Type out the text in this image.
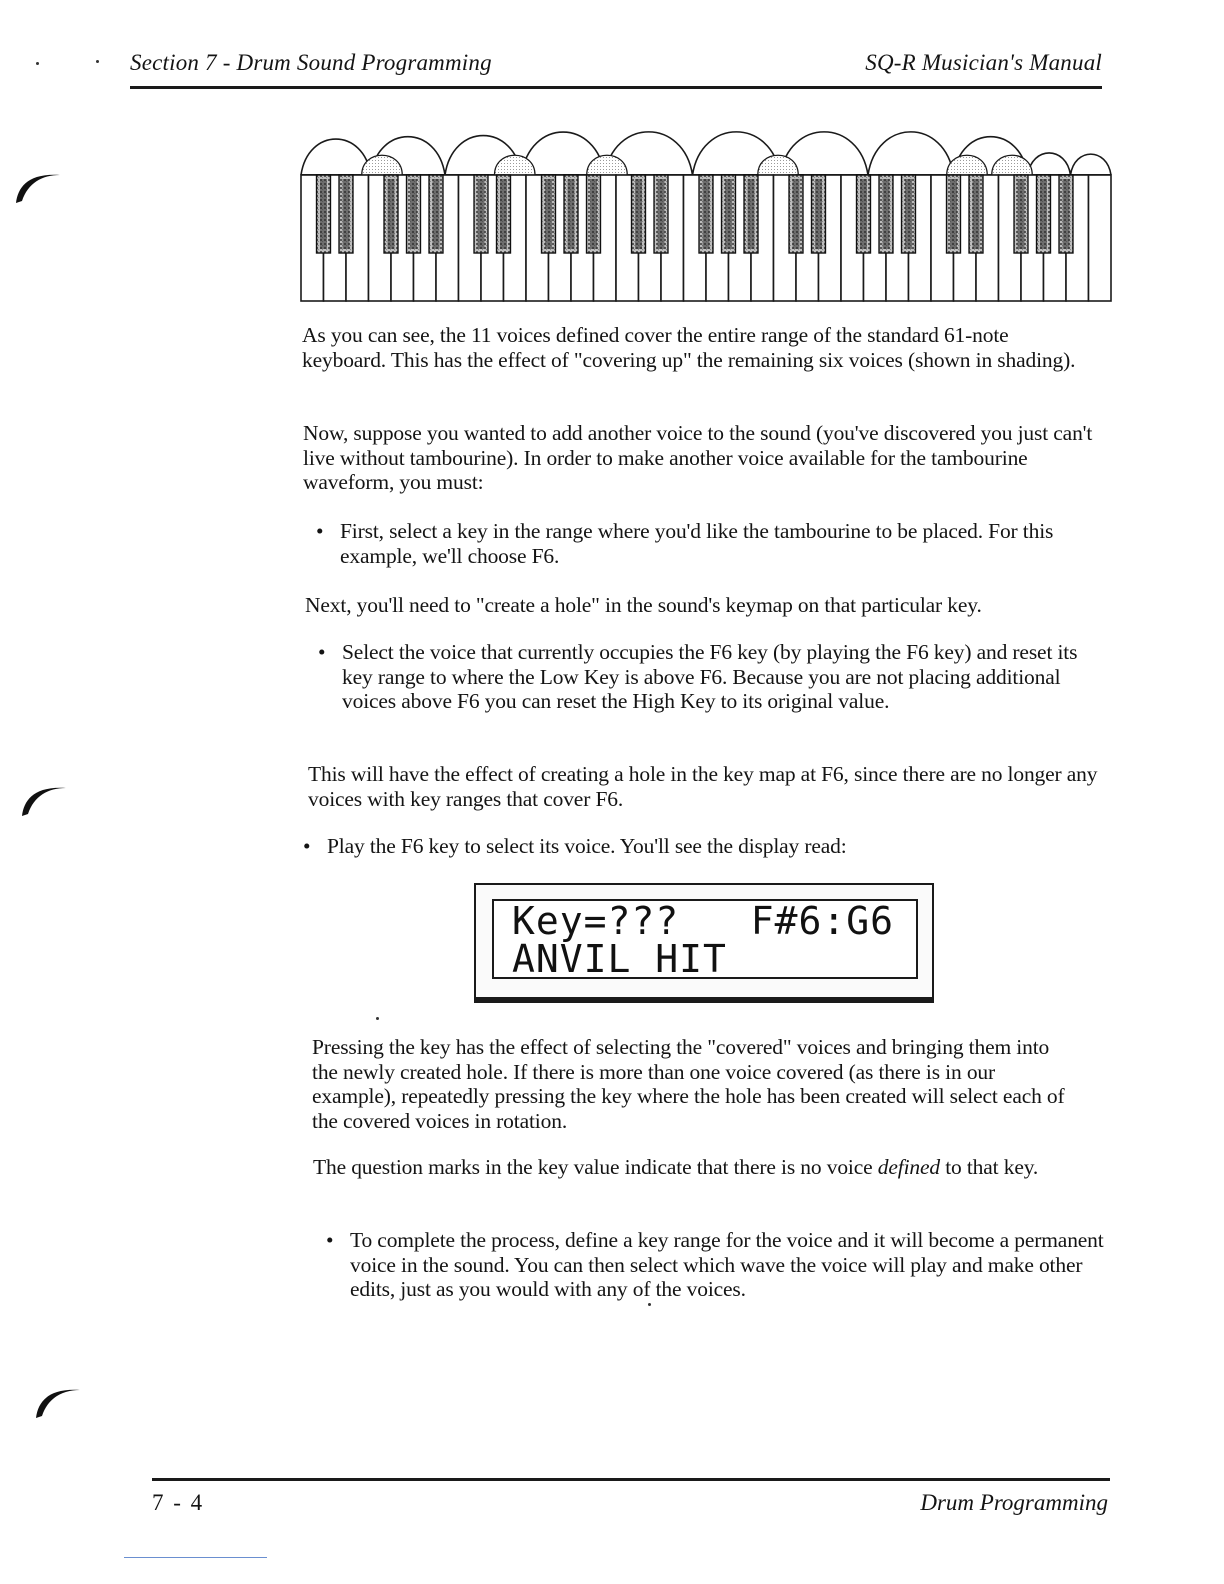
Section 7 - Drum Sound Programming	SQ-R Musician's Manual

As you can see, the 11 voices defined cover the entire range of the standard 61-note keyboard. This has the effect of "covering up" the remaining six voices (shown in shading).

Now, suppose you wanted to add another voice to the sound (you've discovered you just can't live without tambourine). In order to make another voice available for the tambourine waveform, you must:

• First, select a key in the range where you'd like the tambourine to be placed. For this example, we'll choose F6.

Next, you'll need to "create a hole" in the sound's keymap on that particular key.

• Select the voice that currently occupies the F6 key (by playing the F6 key) and reset its key range to where the Low Key is above F6. Because you are not placing additional voices above F6 you can reset the High Key to its original value.

This will have the effect of creating a hole in the key map at F6, since there are no longer any voices with key ranges that cover F6.

• Play the F6 key to select its voice. You'll see the display read:
Key=???   F#6:G6
ANVIL HIT

Pressing the key has the effect of selecting the "covered" voices and bringing them into the newly created hole. If there is more than one voice covered (as there is in our example), repeatedly pressing the key where the hole has been created will select each of the covered voices in rotation.

The question marks in the key value indicate that there is no voice defined to that key.

• To complete the process, define a key range for the voice and it will become a permanent voice in the sound. You can then select which wave the voice will play and make other edits, just as you would with any of the voices.
7 - 4	Drum Programming
